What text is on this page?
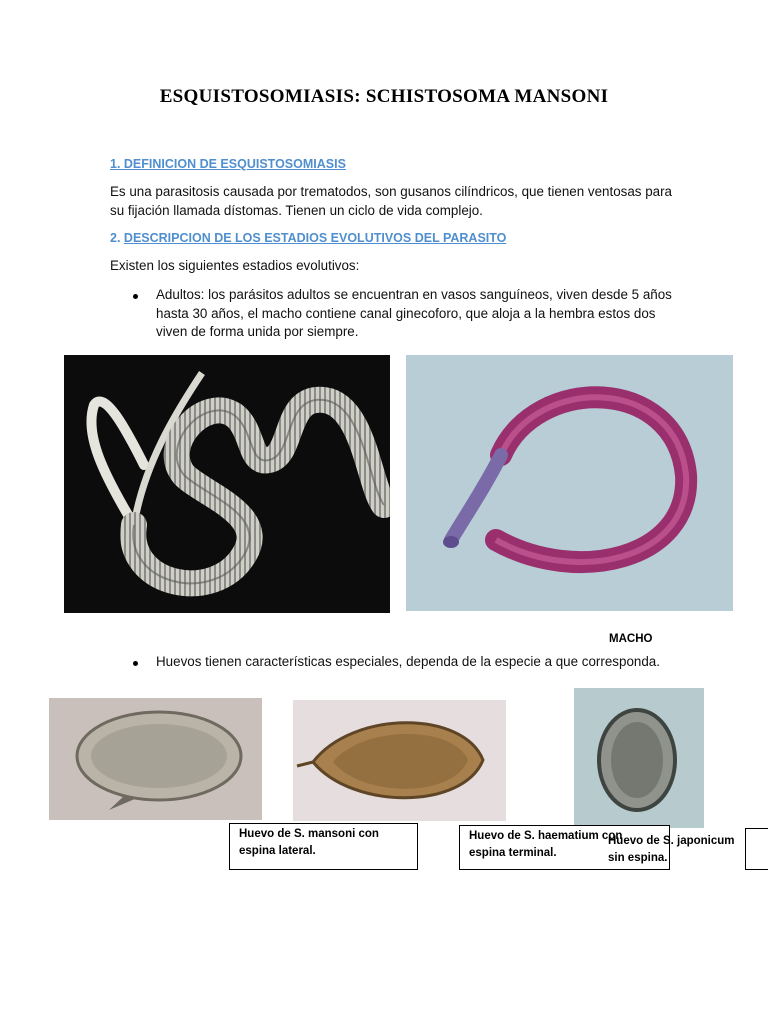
ESQUISTOSOMIASIS: SCHISTOSOMA MANSONI
1. DEFINICION DE ESQUISTOSOMIASIS
Es una parasitosis causada por trematodos, son gusanos cilíndricos, que tienen ventosas para
su fijación llamada dístomas. Tienen un ciclo de vida complejo.
2. DESCRIPCION DE LOS ESTADIOS EVOLUTIVOS DEL PARASITO
Existen los siguientes estadios evolutivos:
Adultos: los parásitos adultos se encuentran en vasos sanguíneos, viven desde 5 años
hasta 30 años, el macho contiene canal ginecoforo, que aloja a la hembra estos dos
viven de forma unida por siempre.
MACHO
Huevos tienen características especiales, dependa de la especie a que corresponda.
Huevo de S. mansoni con
espina lateral.
Huevo de S. haematium con
espina terminal.
Huevo de S. japonicum
sin espina.
